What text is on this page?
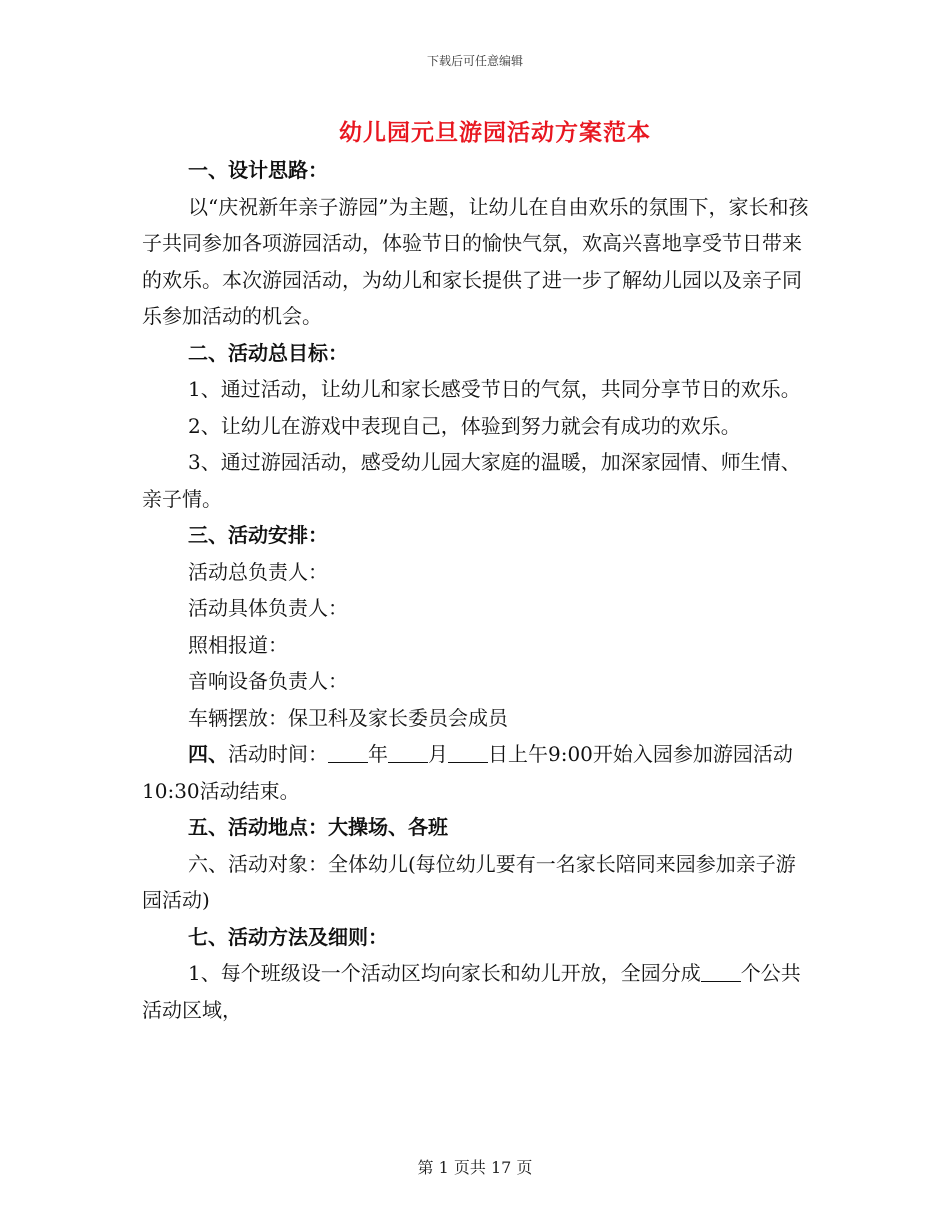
下载后可任意编辑
幼儿园元旦游园活动方案范本

一、设计思路：

以“庆祝新年亲子游园”为主题，让幼儿在自由欢乐的氛围下，家长和孩子共同参加各项游园活动，体验节日的愉快气氛，欢高兴喜地享受节日带来的欢乐。本次游园活动，为幼儿和家长提供了进一步了解幼儿园以及亲子同乐参加活动的机会。

二、活动总目标：

1、通过活动，让幼儿和家长感受节日的气氛，共同分享节日的欢乐。

2、让幼儿在游戏中表现自己，体验到努力就会有成功的欢乐。

3、通过游园活动，感受幼儿园大家庭的温暖，加深家园情、师生情、亲子情。

三、活动安排：

活动总负责人：

活动具体负责人：

照相报道：

音响设备负责人：

车辆摆放：保卫科及家长委员会成员

四、活动时间： 年 月 日上午9:00开始入园参加游园活动10:30活动结束。

五、活动地点：大操场、各班

六、活动对象：全体幼儿(每位幼儿要有一名家长陪同来园参加亲子游园活动)

七、活动方法及细则：

1、每个班级设一个活动区均向家长和幼儿开放，全园分成 个公共活动区域，

第 1 页共 17 页
